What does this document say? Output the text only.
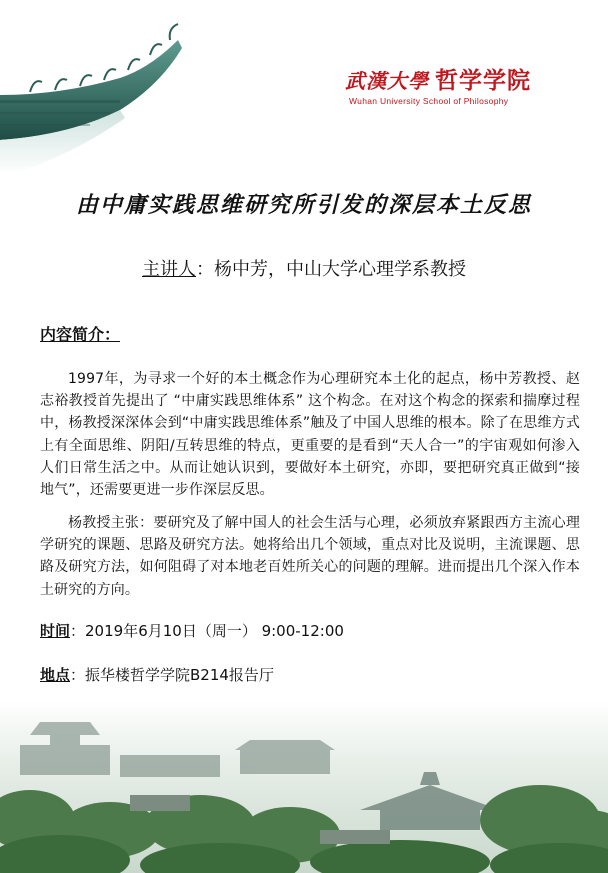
武漢大學 哲学学院
Wuhan University School of Philosophy
由中庸实践思维研究所引发的深层本土反思
主讲人：杨中芳，中山大学心理学系教授
内容简介：
1997年，为寻求一个好的本土概念作为心理研究本土化的起点，杨中芳教授、赵志裕教授首先提出了 “中庸实践思维体系” 这个构念。在对这个构念的探索和揣摩过程中，杨教授深深体会到“中庸实践思维体系”触及了中国人思维的根本。除了在思维方式上有全面思维、阴阳/互转思维的特点，更重要的是看到“天人合一”的宇宙观如何渗入人们日常生活之中。从而让她认识到，要做好本土研究，亦即，要把研究真正做到“接地气”，还需要更进一步作深层反思。
杨教授主张：要研究及了解中国人的社会生活与心理，必须放弃紧跟西方主流心理学研究的课题、思路及研究方法。她将给出几个领域，重点对比及说明，主流课题、思路及研究方法，如何阻碍了对本地老百姓所关心的问题的理解。进而提出几个深入作本土研究的方向。
时间：2019年6月10日（周一） 9:00-12:00
地点：振华楼哲学学院B214报告厅
